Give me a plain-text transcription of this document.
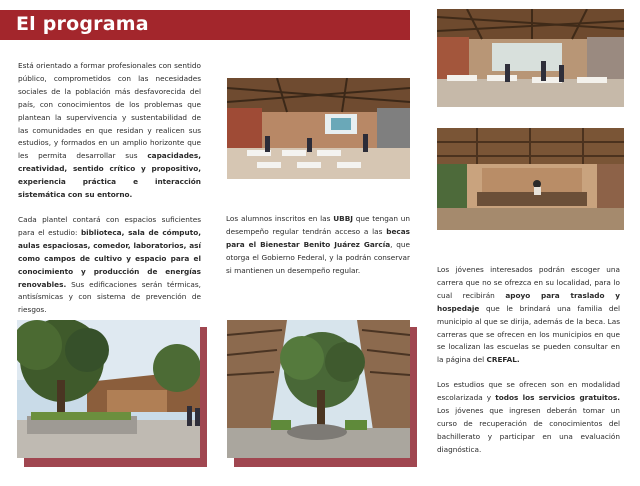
El programa

Está orientado a formar profesionales con sentido público, comprometidos con las necesidades sociales de la población más desfavorecida del país, con conocimientos de los problemas que plantean la supervivencia y sustentabilidad de las comunidades en que residan y realicen sus estudios, y formados en un amplio horizonte que les permita desarrollar sus capacidades, creatividad, sentido crítico y propositivo, experiencia práctica e interacción sistemática con su entorno.

Cada plantel contará con espacios suficientes para el estudio: biblioteca, sala de cómputo, aulas espaciosas, comedor, laboratorios, así como campos de cultivo y espacio para el conocimiento y producción de energías renovables. Sus edificaciones serán térmicas, antisísmicas y con sistema de prevención de riesgos.

Los alumnos inscritos en las UBBJ que tengan un desempeño regular tendrán acceso a las becas para el Bienestar Benito Juárez García, que otorga el Gobierno Federal, y la podrán conservar si mantienen un desempeño regular.	Los jóvenes interesados podrán escoger una carrera que no se ofrezca en su localidad, para lo cual recibirán apoyo para traslado y hospedaje que le brindará una familia del municipio al que se dirija, además de la beca. Las carreras que se ofrecen en los municipios en que se localizan las escuelas se pueden consultar en la página del CREFAL.

Los estudios que se ofrecen son en modalidad escolarizada y todos los servicios gratuitos. Los jóvenes que ingresen deberán tomar un curso de recuperación de conocimientos del bachillerato y participar en una evaluación diagnóstica.
